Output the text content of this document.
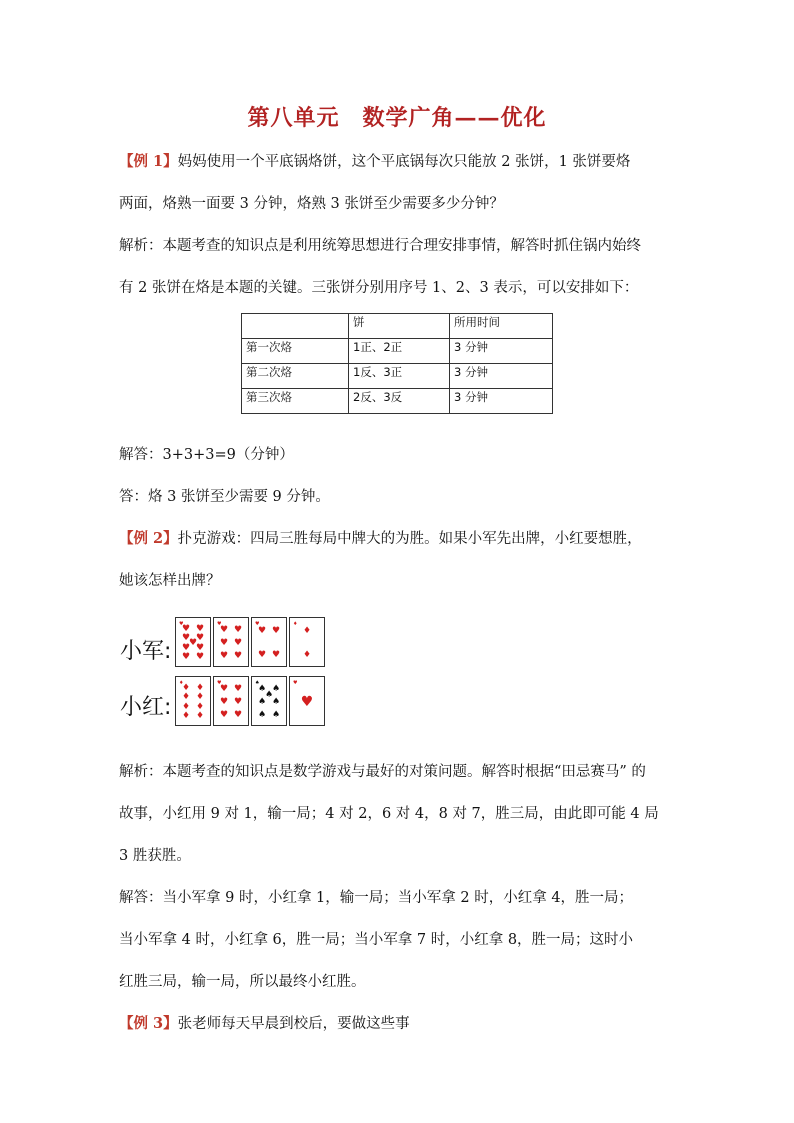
第八单元　数学广角——优化
【例 1】妈妈使用一个平底锅烙饼，这个平底锅每次只能放 2 张饼，1 张饼要烙
两面，烙熟一面要 3 分钟，烙熟 3 张饼至少需要多少分钟？
解析：本题考查的知识点是利用统筹思想进行合理安排事情，解答时抓住锅内始终
有 2 张饼在烙是本题的关键。三张饼分别用序号 1、2、3 表示，可以安排如下：
	饼	所用时间
第一次烙	1正、2正	3 分钟
第二次烙	1反、3正	3 分钟
第三次烙	2反、3反	3 分钟
解答：3+3+3=9（分钟）
答：烙 3 张饼至少需要 9 分钟。
【例 2】扑克游戏：四局三胜每局中牌大的为胜。如果小军先出牌，小红要想胜，
她该怎样出牌？
小军:
小红:
♥ ♥
♥ ♥
♥
♥ ♥
♥ ♥
♥
♥ ♥
♥ ♥
♥ ♥
♥
♥ ♥
♥ ♥
♥
♦
♦
♦
♦ ♦
♦ ♦
♦ ♦
♦ ♦
♦
♥ ♥
♥ ♥
♥ ♥
♥
♠ ♠
♠
♠ ♠
♠ ♠
♠
♥
♥
解析：本题考查的知识点是数学游戏与最好的对策问题。解答时根据“田忌赛马” 的
故事，小红用 9 对 1，输一局；4 对 2，6 对 4，8 对 7，胜三局，由此即可能 4 局
3 胜获胜。
解答：当小军拿 9 时，小红拿 1，输一局；当小军拿 2 时，小红拿 4，胜一局；
当小军拿 4 时，小红拿 6，胜一局；当小军拿 7 时，小红拿 8，胜一局；这时小
红胜三局，输一局，所以最终小红胜。
【例 3】张老师每天早晨到校后，要做这些事
